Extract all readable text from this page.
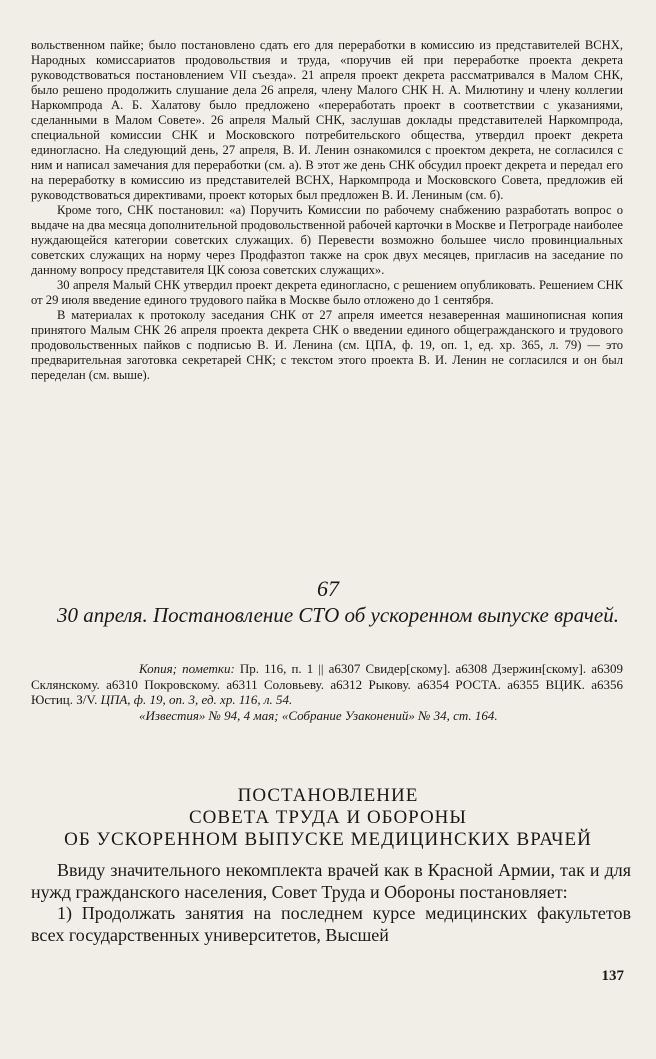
вольственном пайке; было постановлено сдать его для переработки в комиссию из представителей ВСНХ, Народных комиссариатов продовольствия и труда, «поручив ей при переработке проекта декрета руководствоваться постановлением VII съезда». 21 апреля проект декрета рассматривался в Малом СНК, было решено продолжить слушание дела 26 апреля, члену Малого СНК Н. А. Милютину и члену коллегии Наркомпрода А. Б. Халатову было предложено «переработать проект в соответствии с указаниями, сделанными в Малом Совете». 26 апреля Малый СНК, заслушав доклады представителей Наркомпрода, специальной комиссии СНК и Московского потребительского общества, утвердил проект декрета единогласно. На следующий день, 27 апреля, В. И. Ленин ознакомился с проектом декрета, не согласился с ним и написал замечания для переработки (см. а). В этот же день СНК обсудил проект декрета и передал его на переработку в комиссию из представителей ВСНХ, Наркомпрода и Московского Совета, предложив ей руководствоваться директивами, проект которых был предложен В. И. Лениным (см. б).

Кроме того, СНК постановил: «а) Поручить Комиссии по рабочему снабжению разработать вопрос о выдаче на два месяца дополнительной продовольственной рабочей карточки в Москве и Петрограде наиболее нуждающейся категории советских служащих. б) Перевести возможно большее число провинциальных советских служащих на норму через Продфазтоп также на срок двух месяцев, пригласив на заседание по данному вопросу представителя ЦК союза советских служащих».

30 апреля Малый СНК утвердил проект декрета единогласно, с решением опубликовать. Решением СНК от 29 июля введение единого трудового пайка в Москве было отложено до 1 сентября.

В материалах к протоколу заседания СНК от 27 апреля имеется незаверенная машинописная копия принятого Малым СНК 26 апреля проекта декрета СНК о введении единого общегражданского и трудового продовольственных пайков с подписью В. И. Ленина (см. ЦПА, ф. 19, оп. 1, ед. хр. 365, л. 79) — это предварительная заготовка секретарей СНК; с текстом этого проекта В. И. Ленин не согласился и он был переделан (см. выше).

67
30 апреля. Постановление СТО об ускоренном выпуске врачей.

Копия; пометки: Пр. 116, п. 1 || а6307 Свидер[скому]. а6308 Дзержин[скому]. а6309 Склянскому. а6310 Покровскому. а6311 Соловьеву. а6312 Рыкову. а6354 РОСТА. а6355 ВЦИК. а6356 Юстиц. З/V. ЦПА, ф. 19, оп. 3, ед. хр. 116, л. 54.

«Известия» № 94, 4 мая; «Собрание Узаконений» № 34, ст. 164.

ПОСТАНОВЛЕНИЕ
СОВЕТА ТРУДА И ОБОРОНЫ
ОБ УСКОРЕННОМ ВЫПУСКЕ МЕДИЦИНСКИХ ВРАЧЕЙ

Ввиду значительного некомплекта врачей как в Красной Армии, так и для нужд гражданского населения, Совет Труда и Обороны постановляет:

1) Продолжать занятия на последнем курсе медицинских факультетов всех государственных университетов, Высшей

137
